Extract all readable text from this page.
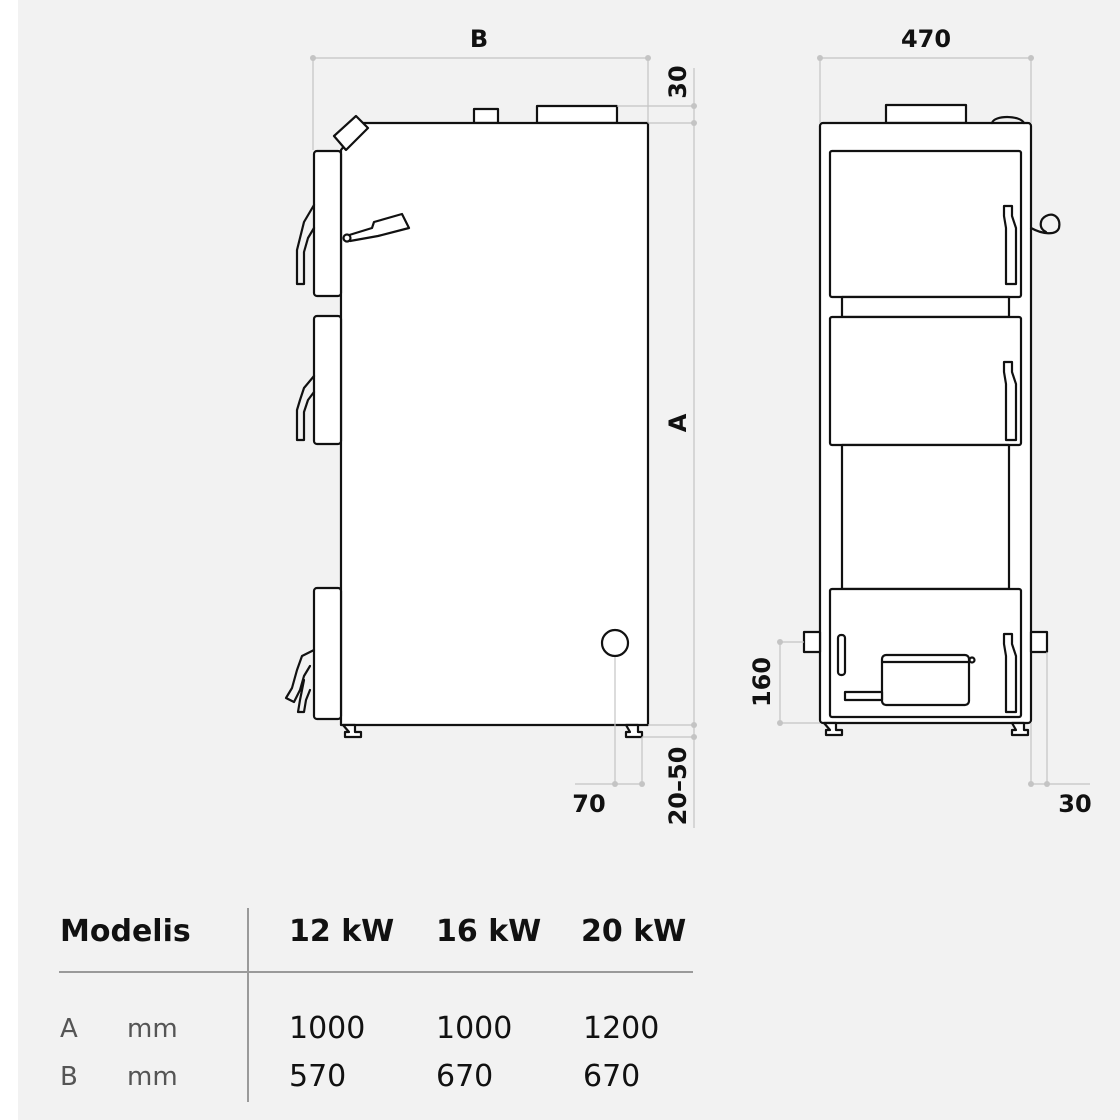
B
30
A
70 20–50
470
160
30
Modelis	12 kW 16 kW 20 kW
A mm	1000 1000 1200
B mm	570	670	670
